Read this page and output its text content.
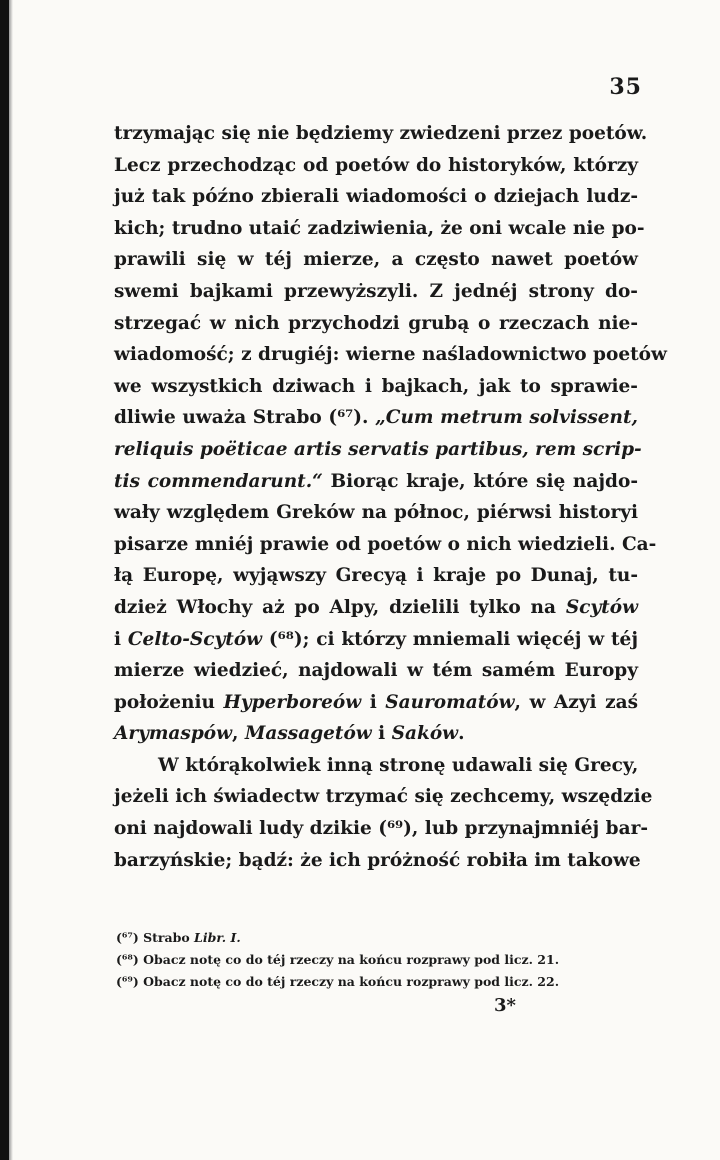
35
trzymając się nie będziemy zwiedzeni przez poetów.
Lecz przechodząc od poetów do historyków, którzy
już tak późno zbierali wiadomości o dziejach ludz-
kich; trudno utaić zadziwienia, że oni wcale nie po-
prawili się w téj mierze, a często nawet poetów
swemi bajkami przewyższyli. Z jednéj strony do-
strzegać w nich przychodzi grubą o rzeczach nie-
wiadomość; z drugiéj: wierne naśladownictwo poetów
we wszystkich dziwach i bajkach, jak to sprawie-
dliwie uważa Strabo (⁶⁷). „Cum metrum solvissent,
reliquis poëticae artis servatis partibus, rem scrip-
tis commendarunt.“ Biorąc kraje, które się najdo-
wały względem Greków na północ, piérwsi historyi
pisarze mniéj prawie od poetów o nich wiedzieli. Ca-
łą Europę, wyjąwszy Grecyą i kraje po Dunaj, tu-
dzież Włochy aż po Alpy, dzielili tylko na Scytów
i Celto-Scytów (⁶⁸); ci którzy mniemali więcéj w téj
mierze wiedzieć, najdowali w tém samém Europy
położeniu Hyperboreów i Sauromatów, w Azyi zaś
Arymaspów, Massagetów i Saków.
W którąkolwiek inną stronę udawali się Grecy,
jeżeli ich świadectw trzymać się zechcemy, wszędzie
oni najdowali ludy dzikie (⁶⁹), lub przynajmniéj bar-
barzyńskie; bądź: że ich próżność robiła im takowe
(⁶⁷) Strabo Libr. I.
(⁶⁸) Obacz notę co do téj rzeczy na końcu rozprawy pod licz. 21.
(⁶⁹) Obacz notę co do téj rzeczy na końcu rozprawy pod licz. 22.
3*
